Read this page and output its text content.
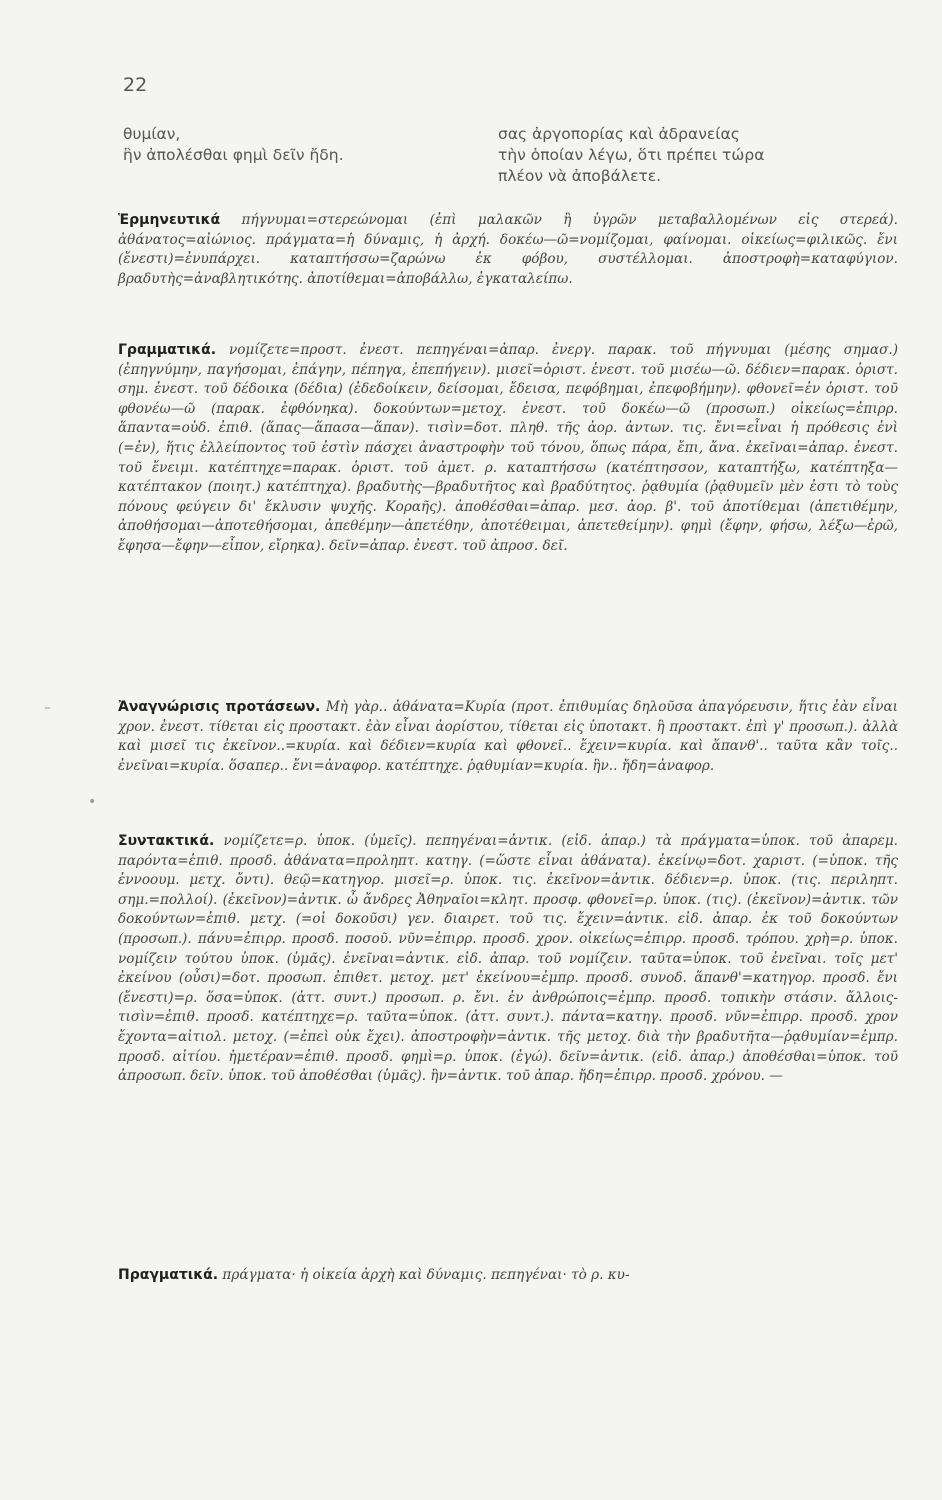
22

θυμίαν,

ἣν ἀπολέσθαι φημὶ δεῖν ἤδη.

σας ἀργοπορίας καὶ ἀδρανείας

τὴν ὁποίαν λέγω, ὅτι πρέπει τώρα

πλέον νὰ ἀποβάλετε.

Ἑρμηνευτικά πήγνυμαι=στερεώνομαι (ἐπὶ μαλακῶν ἢ ὑγρῶν μεταβαλλομένων εἰς στερεά). ἀθάνατος=αἰώνιος. πράγματα=ἡ δύναμις, ἡ ἀρχή. δοκέω—ῶ=νομίζομαι, φαίνομαι. οἰκείως=φιλικῶς. ἔνι (ἔνεστι)=ἐνυπάρχει. καταπτήσσω=ζαρώνω ἐκ φόβου, συστέλλομαι. ἀποστροφὴ=καταφύγιον. βραδυτὴς=ἀναβλητικότης. ἀποτίθεμαι=ἀποβάλλω, ἐγκαταλείπω.

Γραμματικά. νομίζετε=προστ. ἐνεστ. πεπηγέναι=ἀπαρ. ἐνεργ. παρακ. τοῦ πήγνυμαι (μέσης σημασ.) (ἐπηγνύμην, παγήσομαι, ἐπάγην, πέπηγα, ἐπεπήγειν). μισεῖ=ὁριστ. ἐνεστ. τοῦ μισέω—ῶ. δέδιεν=παρακ. ὁριστ. σημ. ἐνεστ. τοῦ δέδοικα (δέδια) (ἐδεδοίκειν, δείσομαι, ἔδεισα, πεφόβημαι, ἐπεφοβήμην). φθονεῖ=ἐν ὁριστ. τοῦ φθονέω—ῶ (παρακ. ἐφθόνηκα). δοκούντων=μετοχ. ἐνεστ. τοῦ δοκέω—ῶ (προσωπ.) οἰκείως=ἐπιρρ. ἅπαντα=οὐδ. ἐπιθ. (ἅπας—ἅπασα—ἅπαν). τισὶν=δοτ. πληθ. τῆς ἀορ. ἀντων. τις. ἔνι=εἶναι ἡ πρόθεσις ἐνὶ (=ἐν), ἥτις ἐλλείποντος τοῦ ἐστὶν πάσχει ἀναστροφὴν τοῦ τόνου, ὅπως πάρα, ἔπι, ἄνα. ἐκεῖναι=ἀπαρ. ἐνεστ. τοῦ ἔνειμι. κατέπτηχε=παρακ. ὁριστ. τοῦ ἀμετ. ρ. καταπτήσσω (κατέπτησσον, καταπτήξω, κατέπτηξα—κατέπτακον (ποιητ.) κατέπτηχα). βραδυτὴς—βραδυτῆτος καὶ βραδύτητος. ῥᾳθυμία (ῥᾳθυμεῖν μὲν ἐστι τὸ τοὺς πόνους φεύγειν δι' ἔκλυσιν ψυχῆς. Κοραῆς). ἀποθέσθαι=ἀπαρ. μεσ. ἀορ. β'. τοῦ ἀποτίθεμαι (ἀπετιθέμην, ἀποθήσομαι—ἀποτεθήσομαι, ἀπεθέμην—ἀπετέθην, ἀποτέθειμαι, ἀπετεθείμην). φημὶ (ἔφην, φήσω, λέξω—ἐρῶ, ἔφησα—ἔφην—εἶπον, εἴρηκα). δεῖν=ἀπαρ. ἐνεστ. τοῦ ἀπροσ. δεῖ.

Ἀναγνώρισις προτάσεων. Μὴ γὰρ.. ἀθάνατα=Κυρία (προτ. ἐπιθυμίας δηλοῦσα ἀπαγόρευσιν, ἥτις ἐὰν εἶναι χρον. ἐνεστ. τίθεται εἰς προστακτ. ἐὰν εἶναι ἀορίστου, τίθεται εἰς ὑποτακτ. ἢ προστακτ. ἐπὶ γ' προσωπ.). ἀλλὰ καὶ μισεῖ τις ἐκεῖνον..=κυρία. καὶ δέδιεν=κυρία καὶ φθονεῖ.. ἔχειν=κυρία. καὶ ἅπανθ'.. ταῦτα κἂν τοῖς.. ἐνεῖναι=κυρία. ὅσαπερ.. ἔνι=ἀναφορ. κατέπτηχε. ῥᾳθυμίαν=κυρία. ἣν.. ἤδη=ἀναφορ.

Συντακτικά. νομίζετε=ρ. ὑποκ. (ὑμεῖς). πεπηγέναι=ἀντικ. (εἰδ. ἀπαρ.) τὰ πράγματα=ὑποκ. τοῦ ἀπαρεμ. παρόντα=ἐπιθ. προσδ. ἀθάνατα=προληπτ. κατηγ. (=ὥστε εἶναι ἀθάνατα). ἐκείνῳ=δοτ. χαριστ. (=ὑποκ. τῆς ἐννοουμ. μετχ. ὄντι). θεῷ=κατηγορ. μισεῖ=ρ. ὑποκ. τις. ἐκεῖνον=ἀντικ. δέδιεν=ρ. ὑποκ. (τις. περιληπτ. σημ.=πολλοί). (ἐκεῖνον)=ἀντικ. ὦ ἄνδρες Ἀθηναῖοι=κλητ. προσφ. φθονεῖ=ρ. ὑποκ. (τις). (ἐκεῖνον)=ἀντικ. τῶν δοκούντων=ἐπιθ. μετχ. (=οἱ δοκοῦσι) γεν. διαιρετ. τοῦ τις. ἔχειν=ἀντικ. εἰδ. ἀπαρ. ἐκ τοῦ δοκούντων (προσωπ.). πάνυ=ἐπιρρ. προσδ. ποσοῦ. νῦν=ἐπιρρ. προσδ. χρον. οἰκείως=ἐπιρρ. προσδ. τρόπου. χρὴ=ρ. ὑποκ. νομίζειν τούτου ὑποκ. (ὑμᾶς). ἐνεῖναι=ἀντικ. εἰδ. ἀπαρ. τοῦ νομίζειν. ταῦτα=ὑποκ. τοῦ ἐνεῖναι. τοῖς μετ' ἐκείνου (οὖσι)=δοτ. προσωπ. ἐπιθετ. μετοχ. μετ' ἐκείνου=ἐμπρ. προσδ. συνοδ. ἅπανθ'=κατηγορ. προσδ. ἔνι (ἔνεστι)=ρ. ὅσα=ὑποκ. (ἀττ. συντ.) προσωπ. ρ. ἔνι. ἐν ἀνθρώποις=ἐμπρ. προσδ. τοπικὴν στάσιν. ἄλλοις-τισὶν=ἐπιθ. προσδ. κατέπτηχε=ρ. ταῦτα=ὑποκ. (ἀττ. συντ.). πάντα=κατηγ. προσδ. νῦν=ἐπιρρ. προσδ. χρον ἔχοντα=αἰτιολ. μετοχ. (=ἐπεὶ οὐκ ἔχει). ἀποστροφὴν=ἀντικ. τῆς μετοχ. διὰ τὴν βραδυτῆτα—ῥᾳθυμίαν=ἐμπρ. προσδ. αἰτίου. ἡμετέραν=ἐπιθ. προσδ. φημὶ=ρ. ὑποκ. (ἐγώ). δεῖν=ἀντικ. (εἰδ. ἀπαρ.) ἀποθέσθαι=ὑποκ. τοῦ ἀπροσωπ. δεῖν. ὑποκ. τοῦ ἀποθέσθαι (ὑμᾶς). ἣν=ἀντικ. τοῦ ἀπαρ. ἤδη=ἐπιρρ. προσδ. χρόνου. —

Πραγματικά. πράγματα· ἡ οἰκεία ἀρχὴ καὶ δύναμις. πεπηγέναι· τὸ ρ. κυ-

–
•
